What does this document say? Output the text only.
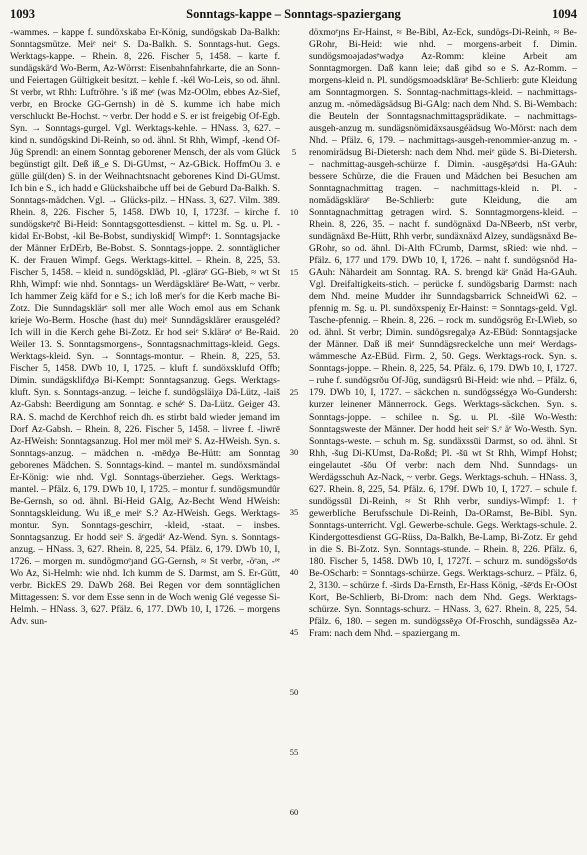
1093	Sonntags-kappe – Sonntags-spaziergang	1094

-wammes. – kappe f. sundöxskabə Er-König, sundögskab Da-Balkh: Sonntagsmütze. Meiᵉ neiᵉ S. Da-Balkh. S. Sonntags-hut. Gegs. Werktags-kappe. – Rhein. 8, 226. Fischer 5, 1458. – karte f. sundägskäᵉd Wo-Berm, Az-Wörrst: Eisenbahnfahrkarte, die an Sonn- und Feiertagen Gültigkeit besitzt. – kehle f. -kél Wo-Leis, so od. ähnl. St verbr, wt Rhh: Luftröhre. 's iß meᵉ (was Mz-OOlm, ebbes Az-Sief, verbr, en Brocke GG-Gernsh) in dè S. kumme ich habe mich verschluckt Be-Hochst. ~ verbr. Der hodd e S. er ist freigebig Of-Egb. Syn. → Sonntags-gurgel. Vgl. Werktags-kehle. – HNass. 3, 627. – kind n. sundögskind Di-Reinh, so od. ähnl. St Rhh, Wimpf, -kend Of-Jüg Sprendl: an einem Sonntag geborener Mensch, der als vom Glück begünstigt gilt. Deß iß_e S. Di-GUmst, ~ Az-GBick. HoffmOu 3. e gülle gül(den) S. in der Weihnachtsnacht geborenes Kind Di-GUmst. Ich bin e S., ich hadd e Glückshaibche uff bei de Geburd Da-Balkh. S. Sonntags-mädchen. Vgl. → Glücks-pilz. – HNass. 3, 627. Vilm. 389. Rhein. 8, 226. Fischer 5, 1458. DWb 10, I, 1723f. – kirche f. sundögskeᵉrč Bi-Heid: Sonntagsgottesdienst. – kittel m. Sg. u. Pl. -kidəl Er-Bobst, -kil Be-Bobst, sundiyskid[ Wimpfᵉ: 1. Sonntagsjacke der Männer ErDErb, Be-Bobst. S. Sonntags-joppe. 2. sonntäglicher K. der Frauen Wimpf. Gegs. Werktags-kittel. – Rhein. 8, 225, 53. Fischer 5, 1458. – kleid n. sundögskläd, Pl. -glärəᵉ GG-Bieb, ≈ wt St Rhh, Wimpf: wie nhd. Sonntags- un Werdägskläreᵉ Be-Watt, ~ verbr. Ich hammer Zeig käfd for e S.; ich loß mer's for die Kerb mache Bi-Zotz. Die Sunndagsklärᵉ soll mer alle Woch emol aus em Schank krieje Wo-Berm. Hosche (hast du) meiᵉ Sunndägsklärer erausgeléd? Ich will in die Kerch gehe Bi-Zotz. Er hod seiᵉ S.klärəᵉ oᵉ Be-Raid. Weiler 13. S. Sonntagsmorgens-, Sonntagsnachmittags-kleid. Gegs. Werktags-kleid. Syn. → Sonntags-montur. – Rhein. 8, 225, 53. Fischer 5, 1458. DWb 10, I, 1725. – kluft f. sundöxsklufd Offb; Dimin. sundägsklifdχə Bi-Kempt: Sonntagsanzug. Gegs. Werktags-kluft. Syn. s. Sonntags-anzug. – leiche f. sundögsläiχə Dä-Lütz, -laiš Az-Gabsh: Beerdigung am Sonntag. e schéᵉ S. Da-Lütz. Geiger 43. RA. S. machd de Kerchhof reich dh. es stirbt bald wieder jemand im Dorf Az-Gabsh. – Rhein. 8, 226. Fischer 5, 1458. – livree f. -liwrē Az-HWeish: Sonntagsanzug. Hol mer möl meiᵉ S. Az-HWeish. Syn. s. Sonntags-anzug. – mädchen n. -mēdχə Be-Hütt: am Sonntag geborenes Mädchen. S. Sonntags-kind. – mantel m. sundöxsmändəl Er-König: wie nhd. Vgl. Sonntags-überzieher. Gegs. Werktags-mantel. – Pfälz. 6, 179. DWb 10, I, 1725. – montur f. sundögsmundûr Be-Gernsh, so od. ähnl. Bi-Heid GAlg, Az-Becht Wend HWeish: Sonntagskleidung. Wu iß_e meiᵉ S.? Az-HWeish. Gegs. Werktags-montur. Syn. Sonntags-geschirr, -kleid, -staat. – insbes. Sonntagsanzug. Er hodd seiᵉ S. äᵉgedäᵉ Az-Wend. Syn. s. Sonntags-anzug. – HNass. 3, 627. Rhein. 8, 225, 54. Pfälz. 6, 179. DWb 10, I, 1726. – morgen m. sundögmoᵉȷand GG-Gernsh, ≈ St verbr, -öᵉən, -ᵒᵉ Wo Az, Si-Helmh: wie nhd. Ich kumm de S. Darmst, am S. Er-Gütt, verbr. BickES 29. DaWb 268. Bei Regen vor dem sonntäglichen Mittagessen: S. vor dem Esse senn in de Woch wenig Glé vegesse Si-Helmh. – HNass. 3, 627. Pfälz. 6, 177. DWb 10, I, 1726. – morgens Adv. sun-

5
10
15
20
25
30
35
40
45
50
55
60

döxmoᵉȷns Er-Hainst, ≈ Be-Bibl, Az-Eck, sundögs-Di-Reinh, ≈ Be-GRohr, Bi-Heid: wie nhd. – morgens-arbeit f. Dimin. sundögsmoəjadəsᵉwədχə Az-Romm: kleine Arbeit am Sonntagmorgen. Daß kann leie; daß gibd so e S. Az-Romm. – morgens-kleid n. Pl. sundögsmoədsklärəᵉ Be-Schlierb: gute Kleidung am Sonntagmorgen. S. Sonntag-nachmittags-kleid. – nachmittags-anzug m. -nömedägsädsug Bi-GAlg: nach dem Nhd. S. Bi-Wembach: die Beuteln der Sonntagsnachmittagsprädikate. – nachmittags-ausgeh-anzug m. sundägsnömidäxsausgéädsug Wo-Mörst: nach dem Nhd. – Pfälz. 6, 179. – nachmittags-ausgeh-renommier-anzug m. -renomirädsug Bi-Dietersh: nach dem Nhd. meiᵉ güde S. Bi-Dietersh. – nachmittag-ausgeh-schürze f. Dimin. -ausgēşəᵉdsi Ha-GAuh: bessere Schürze, die die Frauen und Mädchen bei Besuchen am Sonntagnachmittag tragen. – nachmittags-kleid n. Pl. -nomädägsklärəᵉ Be-Schlierb: gute Kleidung, die am Sonntagnachmittag getragen wird. S. Sonntagmorgens-kleid. – Rhein. 8, 226, 35. – nacht f. sundögnäxd Da-NBeerb, nSt verbr, sundägnäxd Be-Hütt, Rhh verbr, sundäxnäxd Alzey, sundägsnäxd Be-GRohr, so od. ähnl. Di-Alth FCrumb, Darmst, sRied: wie nhd. – Pfälz. 6, 177 und 179. DWb 10, I, 1726. – naht f. sundögsnöd Ha-GAuh: Nähardeit am Sonntag. RA. S. brengd käᵉ Gnäd Ha-GAuh. Vgl. Dreifaltigkeits-stich. – perücke f. sundögsbarig Darmst: nach dem Nhd. meine Mudder ihr Sunndagsbarrick SchneidWi 62. – pfennig m. Sg. u. Pl. sundöxspeniχ Er-Hainst: = Sonntags-geld. Vgl. Tasche-pfennig. – Rhein. 8, 226. – rock m. sundögsrög Er-LWieb, so od. ähnl. St verbr; Dimin. sundögsregalχə Az-EBüd: Sonntagsjacke der Männer. Daß iß meiᵉ Sunndägsreckelche unn meiᵉ Werdags-wämmesche Az-EBüd. Firm. 2, 50. Gegs. Werktags-rock. Syn. s. Sonntags-joppe. – Rhein. 8, 225, 54. Pfälz. 6, 179. DWb 10, I, 1727. – ruhe f. sundögsrǒu Of-Jüg, sundägsrû Bi-Heid: wie nhd. – Pfälz. 6, 179. DWb 10, I, 1727. – säckchen n. sundögsségχə Wo-Gundersh: kurzer leinener Männerrock. Gegs. Werktags-säckchen. Syn. s. Sonntags-joppe. – schilee n. Sg. u. Pl. -šilē Wo-Westh: Sonntagsweste der Männer. Der hodd heit seiᵉ S.ᵉ äᵉ Wo-Westh. Syn. Sonntags-weste. – schuh m. Sg. sundäxssūi Darmst, so od. ähnl. St Rhh, -šug Di-KUmst, Da-Roßd; Pl. -šū wt St Rhh, Wimpf Hohst; eingelautet -šǒu Of verbr: nach dem Nhd. Sunndags- un Werdägsschuh Az-Nack, ~ verbr. Gegs. Werktags-schuh. – HNass. 3, 627. Rhein. 8, 225, 54. Pfälz. 6, 179f. DWb 10, I, 1727. – schule f. sundögssūl Di-Reinh, ≈ St Rhh verbr, sundiys-Wimpf: 1. † gewerbliche Berufsschule Di-Reinh, Da-ORamst, Be-Bibl. Syn. Sonntags-unterricht. Vgl. Gewerbe-schule. Gegs. Werktags-schule. 2. Kindergottesdienst GG-Rüss, Da-Balkh, Be-Lamp, Bi-Zotz. Er gehd in die S. Bi-Zotz. Syn. Sonntags-stunde. – Rhein. 8, 226. Pfälz. 6, 180. Fischer 5, 1458. DWb 10, I, 1727f. – schurz m. sundögsšoᵉds Be-OScharb: = Sonntags-schürze. Gegs. Werktags-schurz. – Pfälz. 6, 2, 3130. – schürze f. -širds Da-Ernsth, Er-Hass König, -šēᵉds Er-OOst Kort, Be-Schlierb, Bi-Drom: nach dem Nhd. Gegs. Werktags-schürze. Syn. Sonntags-schurz. – HNass. 3, 627. Rhein. 8, 225, 54. Pfälz. 6, 180. – segen m. sundögssēχə Of-Froschh, sundägssēə Az-Fram: nach dem Nhd. – spaziergang m.
